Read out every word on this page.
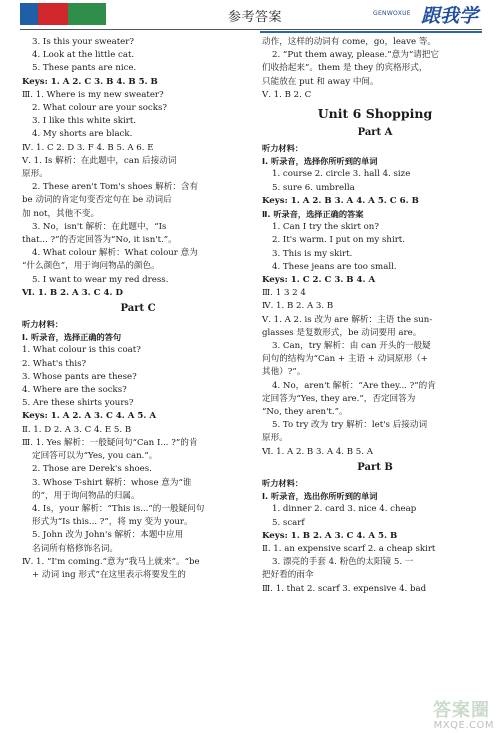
参考答案	GENWOXUE 跟我学
3. Is this your sweater?
4. Look at the little cat.
5. These pants are nice.
Keys: 1. A 2. C 3. B 4. B 5. B
Ⅲ. 1. Where is my new sweater?
2. What colour are your socks?
3. I like this white skirt.
4. My shorts are black.
Ⅳ. 1. C 2. D 3. F 4. B 5. A 6. E
Ⅴ. 1. Is 解析：在此题中，can 后接动词
原形。
2. These aren't Tom's shoes 解析：含有
be 动词的肯定句变否定句在 be 动词后
加 not，其他不变。
3. No，isn't 解析：在此题中，“Is
that... ?”的否定回答为“No, it isn't.”。
4. What colour 解析：What colour 意为
“什么颜色”，用于询问物品的颜色。
5. I want to wear my red dress.
Ⅵ. 1. B 2. A 3. C 4. D
Part C
听力材料：
Ⅰ. 听录音，选择正确的答句
1. What colour is this coat?
2. What's this?
3. Whose pants are these?
4. Where are the socks?
5. Are these shirts yours?
Keys: 1. A 2. A 3. C 4. A 5. A
Ⅱ. 1. D 2. A 3. C 4. E 5. B
Ⅲ. 1. Yes 解析：一般疑问句“Can I... ?”的肯
定回答可以为“Yes, you can.”。
2. Those are Derek's shoes.
3. Whose T-shirt 解析：whose 意为“谁
的”，用于询问物品的归属。
4. Is，your 解析：“This is...”的一般疑问句
形式为“Is this... ?”，将 my 变为 your。
5. John 改为 John's 解析：本题中应用
名词所有格修饰名词。
Ⅳ. 1. “I'm coming.”意为“我马上就来”。“be
+ 动词 ing 形式”在这里表示将要发生的
动作，这样的动词有 come，go，leave 等。
2. “Put them away, please.”意为“请把它
们收拾起来”。them 是 they 的宾格形式，
只能放在 put 和 away 中间。
Ⅴ. 1. B 2. C
Unit 6 Shopping
Part A
听力材料：
Ⅰ. 听录音，选择你所听到的单词
1. course 2. circle 3. hall 4. size
5. sure 6. umbrella
Keys: 1. A 2. B 3. A 4. A 5. C 6. B
Ⅱ. 听录音，选择正确的答案
1. Can I try the skirt on?
2. It's warm. I put on my shirt.
3. This is my skirt.
4. These jeans are too small.
Keys: 1. C 2. C 3. B 4. A
Ⅲ. 1 3 2 4
Ⅳ. 1. B 2. A 3. B
Ⅴ. 1. A 2. is 改为 are 解析：主语 the sun-
glasses 是复数形式，be 动词要用 are。
3. Can，try 解析：由 can 开头的一般疑
问句的结构为“Can + 主语 + 动词原形（+
其他）?”。
4. No，aren't 解析：“Are they... ?”的肯
定回答为“Yes, they are.”，否定回答为
“No, they aren't.”。
5. To try 改为 try 解析：let's 后接动词
原形。
Ⅵ. 1. A 2. B 3. A 4. B 5. A
Part B
听力材料：
Ⅰ. 听录音，选出你所听到的单词
1. dinner 2. card 3. nice 4. cheap
5. scarf
Keys: 1. B 2. A 3. C 4. A 5. B
Ⅱ. 1. an expensive scarf 2. a cheap skirt
3. 漂亮的手套 4. 粉色的太阳镜 5. 一
把好看的雨伞
Ⅲ. 1. that 2. scarf 3. expensive 4. bad
答案圈
MXQE.COM
